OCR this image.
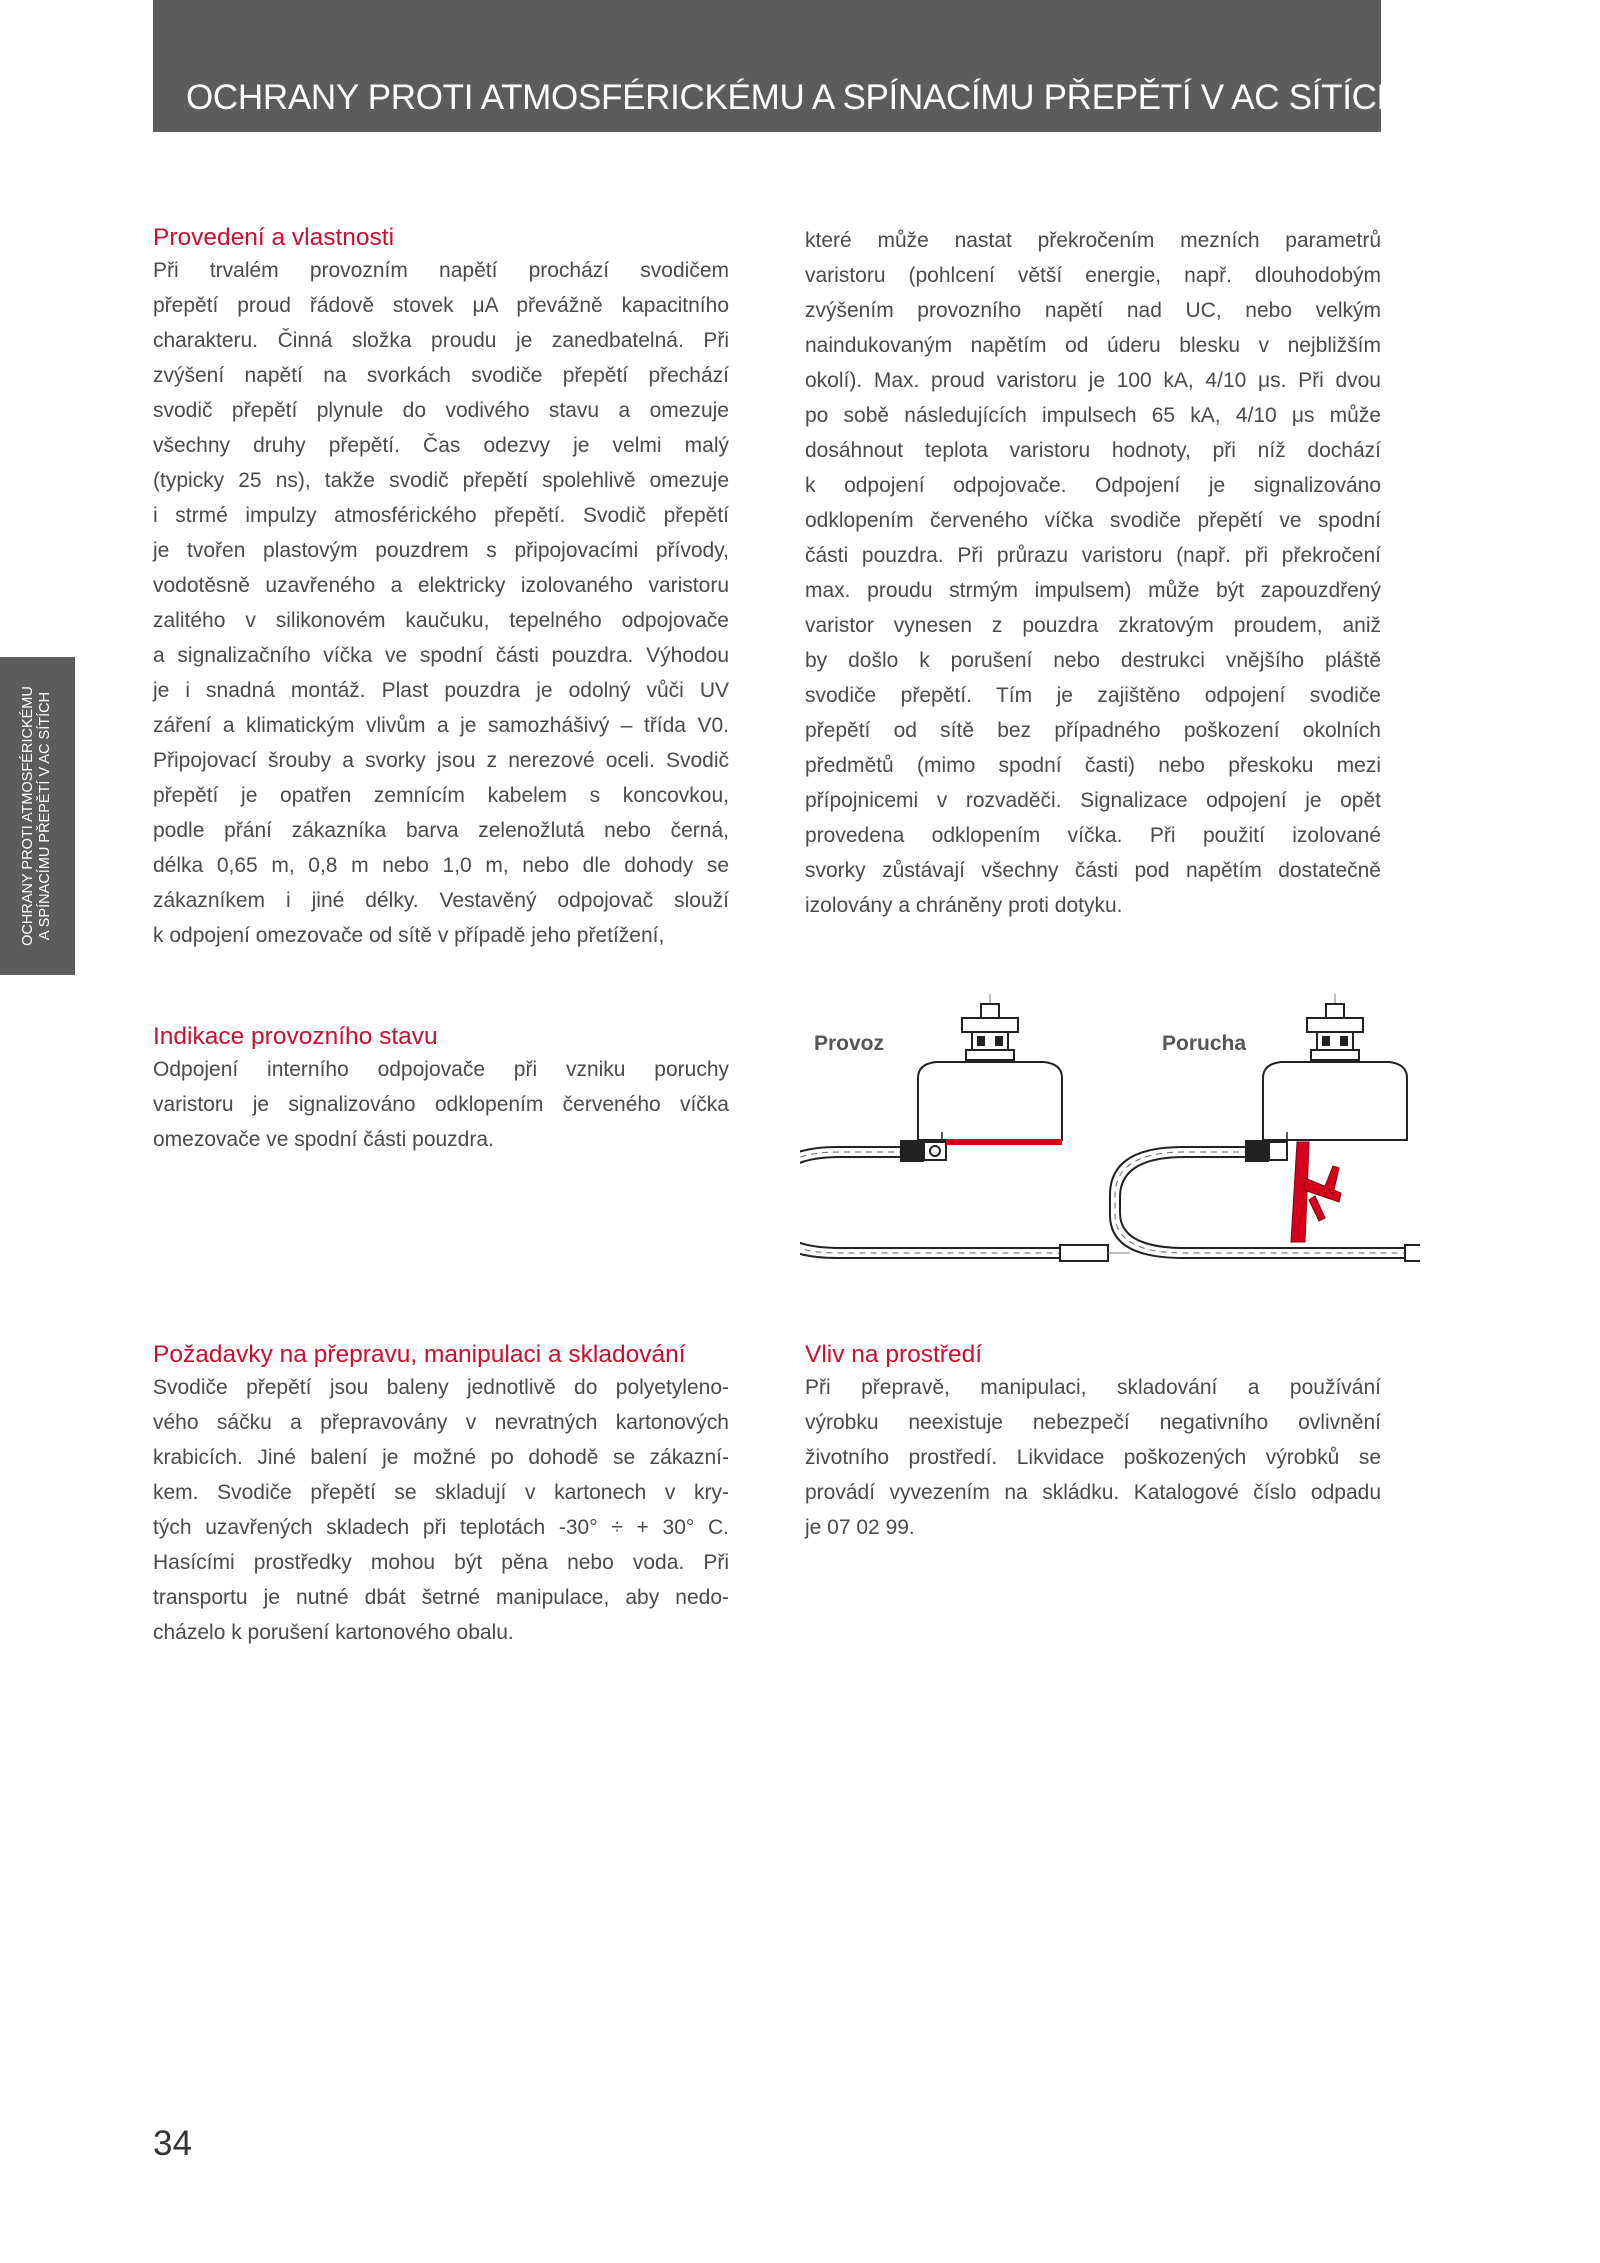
OCHRANY PROTI ATMOSFÉRICKÉMU A SPÍNACÍMU PŘEPĚTÍ V AC SÍTÍCH
OCHRANY PROTI ATMOSFÉRICKÉMU A SPÍNACÍMU PŘEPĚTÍ V AC SÍTÍCH
Provedení a vlastnosti
Při trvalém provozním napětí prochází svodičem
přepětí proud řádově stovek μA převážně kapacitního
charakteru. Činná složka proudu je zanedbatelná. Při
zvýšení napětí na svorkách svodiče přepětí přechází
svodič přepětí plynule do vodivého stavu a omezuje
všechny druhy přepětí. Čas odezvy je velmi malý
(typicky 25 ns), takže svodič přepětí spolehlivě omezuje
i strmé impulzy atmosférického přepětí. Svodič přepětí
je tvořen plastovým pouzdrem s připojovacími přívody,
vodotěsně uzavřeného a elektricky izolovaného varistoru
zalitého v silikonovém kaučuku, tepelného odpojovače
a signalizačního víčka ve spodní části pouzdra. Výhodou
je i snadná montáž. Plast pouzdra je odolný vůči UV
záření a klimatickým vlivům a je samozhášivý – třída V0.
Připojovací šrouby a svorky jsou z nerezové oceli. Svodič
přepětí je opatřen zemnícím kabelem s koncovkou,
podle přání zákazníka barva zelenožlutá nebo černá,
délka 0,65 m, 0,8 m nebo 1,0 m, nebo dle dohody se
zákazníkem i jiné délky. Vestavěný odpojovač slouží
k odpojení omezovače od sítě v případě jeho přetížení,
které může nastat překročením mezních parametrů
varistoru (pohlcení větší energie, např. dlouhodobým
zvýšením provozního napětí nad UC, nebo velkým
naindukovaným napětím od úderu blesku v nejbližším
okolí). Max. proud varistoru je 100 kA, 4/10 μs. Při dvou
po sobě následujících impulsech 65 kA, 4/10 μs může
dosáhnout teplota varistoru hodnoty, při níž dochází
k odpojení odpojovače. Odpojení je signalizováno
odklopením červeného víčka svodiče přepětí ve spodní
části pouzdra. Při průrazu varistoru (např. při překročení
max. proudu strmým impulsem) může být zapouzdřený
varistor vynesen z pouzdra zkratovým proudem, aniž
by došlo k porušení nebo destrukci vnějšího pláště
svodiče přepětí. Tím je zajištěno odpojení svodiče
přepětí od sítě bez případného poškození okolních
předmětů (mimo spodní časti) nebo přeskoku mezi
přípojnicemi v rozvaděči. Signalizace odpojení je opět
provedena odklopením víčka. Při použití izolované
svorky zůstávají všechny části pod napětím dostatečně
izolovány a chráněny proti dotyku.
Indikace provozního stavu
Odpojení interního odpojovače při vzniku poruchy
varistoru je signalizováno odklopením červeného víčka
omezovače ve spodní části pouzdra.
Provoz	Porucha
Požadavky na přepravu, manipulaci a skladování
Svodiče přepětí jsou baleny jednotlivě do polyetyleno-
vého sáčku a přepravovány v nevratných kartonových
krabicích. Jiné balení je možné po dohodě se zákazní-
kem. Svodiče přepětí se skladují v kartonech v kry-
tých uzavřených skladech při teplotách -30° ÷ + 30° C.
Hasícími prostředky mohou být pěna nebo voda. Při
transportu je nutné dbát šetrné manipulace, aby nedo-
cházelo k porušení kartonového obalu.
Vliv na prostředí
Při přepravě, manipulaci, skladování a používání
výrobku neexistuje nebezpečí negativního ovlivnění
životního prostředí. Likvidace poškozených výrobků se
provádí vyvezením na skládku. Katalogové číslo odpadu
je 07 02 99.
34
